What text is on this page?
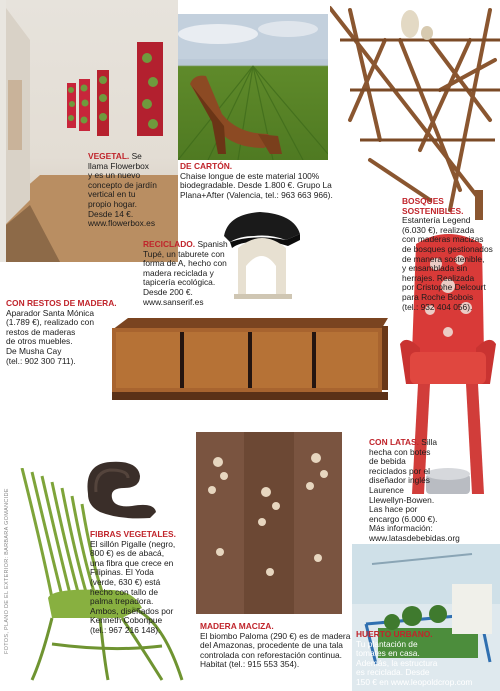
FOTOS, PLANO DE EL EXTERIOR: BARBARA GOMANCIDE
VEGETAL. Se
llama Flowerbox
y es un nuevo
concepto de jardín
vertical en tu
propio hogar.
Desde 14 €.
www.flowerbox.es
DE CARTÓN.
Chaise longue de este material 100%
biodegradable. Desde 1.800 €. Grupo La
Plana+After (Valencia, tel.: 963 663 966).
BOSQUES
SOSTENIBLES.
Estantería Legend
(6.030 €), realizada
con maderas macizas
de bosques gestionados
de manera sostenible,
y ensamblada sin
herrajes. Realizada
por Cristophe Delcourt
para Roche Bobois
(tel.: 932 404 056).
RECICLADO. Spanish
Tupé, un taburete con
forma de A, hecho con
madera reciclada y
tapicería ecológica.
Desde 200 €.
www.sanserif.es
CON RESTOS DE MADERA.
Aparador Santa Mónica
(1.789 €), realizado con
restos de maderas
de otros muebles.
De Musha Cay
(tel.: 902 300 711).
CON LATAS. Silla
hecha con botes
de bebida
reciclados por el
diseñador inglés
Laurence
Llewellyn-Bowen.
Las hace por
encargo (6.000 €).
Más información:
www.latasdebebidas.org
FIBRAS VEGETALES.
El sillón Pigalle (negro,
800 €) es de abacá,
una fibra que crece en
Filipinas. El Yoda
(verde, 630 €) está
hecho con tallo de
palma trepadora.
Ambos, diseñados por
Kenneth Cobonpue
(tel.: 967 216 148).	MADERA MACIZA.
El biombo Paloma (290 €) es de madera
del Amazonas, procedente de una tala
controlada con reforestación continua.
Habitat (tel.: 915 553 354).
HUERTO URBANO.
Tu plantación de
tomates en casa.
Además, la estructura
es reciclada. Desde
150 € en www.leopoldcrop.com
